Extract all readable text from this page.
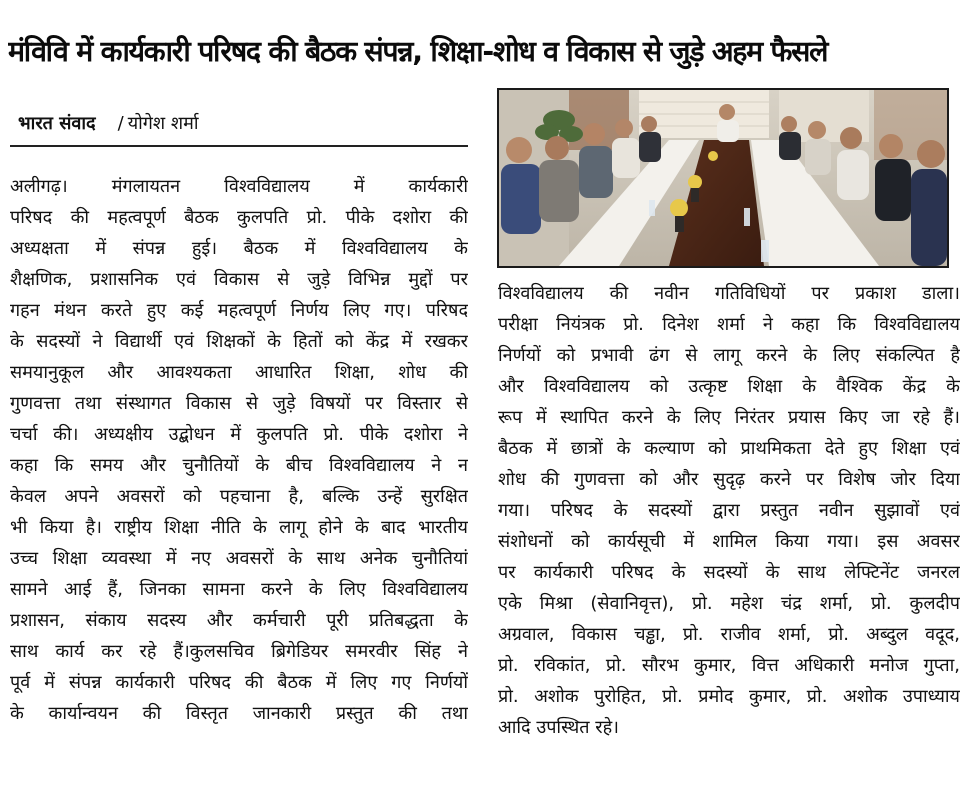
मंविवि में कार्यकारी परिषद की बैठक संपन्न, शिक्षा-शोध व विकास से जुड़े अहम फैसले
भारत संवाद / योगेश शर्मा
अलीगढ़। मंगलायतन विश्वविद्यालय में कार्यकारी
परिषद की महत्वपूर्ण बैठक कुलपति प्रो. पीके दशोरा की
अध्यक्षता में संपन्न हुई। बैठक में विश्वविद्यालय के
शैक्षणिक, प्रशासनिक एवं विकास से जुड़े विभिन्न मुद्दों पर
गहन मंथन करते हुए कई महत्वपूर्ण निर्णय लिए गए। परिषद
के सदस्यों ने विद्यार्थी एवं शिक्षकों के हितों को केंद्र में रखकर
समयानुकूल और आवश्यकता आधारित शिक्षा, शोध की
गुणवत्ता तथा संस्थागत विकास से जुड़े विषयों पर विस्तार से
चर्चा की। अध्यक्षीय उद्बोधन में कुलपति प्रो. पीके दशोरा ने
कहा कि समय और चुनौतियों के बीच विश्वविद्यालय ने न
केवल अपने अवसरों को पहचाना है, बल्कि उन्हें सुरक्षित
भी किया है। राष्ट्रीय शिक्षा नीति के लागू होने के बाद भारतीय
उच्च शिक्षा व्यवस्था में नए अवसरों के साथ अनेक चुनौतियां
सामने आई हैं, जिनका सामना करने के लिए विश्वविद्यालय
प्रशासन, संकाय सदस्य और कर्मचारी पूरी प्रतिबद्धता के
साथ कार्य कर रहे हैं।कुलसचिव ब्रिगेडियर समरवीर सिंह ने
पूर्व में संपन्न कार्यकारी परिषद की बैठक में लिए गए निर्णयों
के कार्यान्वयन की विस्तृत जानकारी प्रस्तुत की तथा
विश्वविद्यालय की नवीन गतिविधियों पर प्रकाश डाला।
परीक्षा नियंत्रक प्रो. दिनेश शर्मा ने कहा कि विश्वविद्यालय
निर्णयों को प्रभावी ढंग से लागू करने के लिए संकल्पित है
और विश्वविद्यालय को उत्कृष्ट शिक्षा के वैश्विक केंद्र के
रूप में स्थापित करने के लिए निरंतर प्रयास किए जा रहे हैं।
बैठक में छात्रों के कल्याण को प्राथमिकता देते हुए शिक्षा एवं
शोध की गुणवत्ता को और सुदृढ़ करने पर विशेष जोर दिया
गया। परिषद के सदस्यों द्वारा प्रस्तुत नवीन सुझावों एवं
संशोधनों को कार्यसूची में शामिल किया गया। इस अवसर
पर कार्यकारी परिषद के सदस्यों के साथ लेफ्टिनेंट जनरल
एके मिश्रा (सेवानिवृत्त), प्रो. महेश चंद्र शर्मा, प्रो. कुलदीप
अग्रवाल, विकास चड्ढा, प्रो. राजीव शर्मा, प्रो. अब्दुल वदूद,
प्रो. रविकांत, प्रो. सौरभ कुमार, वित्त अधिकारी मनोज गुप्ता,
प्रो. अशोक पुरोहित, प्रो. प्रमोद कुमार, प्रो. अशोक उपाध्याय
आदि उपस्थित रहे।
